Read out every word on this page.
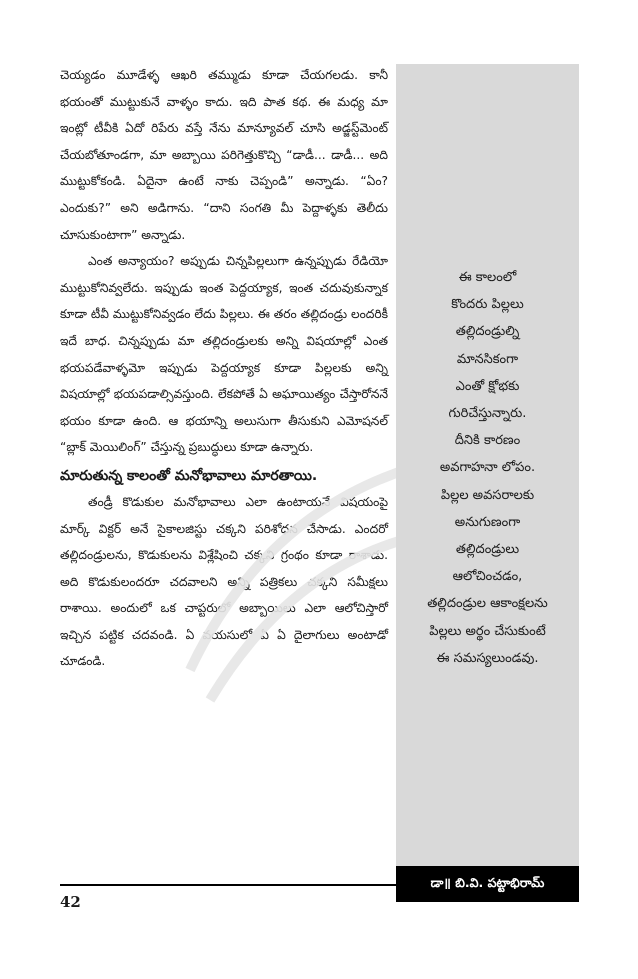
చెయ్యడం మూడేళ్ళ ఆఖరి తమ్ముడు కూడా చేయగలడు. కానీ భయంతో ముట్టుకునే వాళ్ళం కాదు. ఇది పాత కథ. ఈ మధ్య మా ఇంట్లో టీవీకి ఏదో రిపేరు వస్తే నేను మాన్యూవల్ చూసి అడ్జస్ట్‌మెంట్ చేయబోతూండగా, మా అబ్బాయి పరిగెత్తుకొచ్చి “డాడీ... డాడీ... అది ముట్టుకోకండి. ఏదైనా ఉంటే నాకు చెప్పండి” అన్నాడు. “ఏం? ఎందుకు?” అని అడిగాను. “దాని సంగతి మీ పెద్దాళ్ళకు తెలీదు చూసుకుంటాగా” అన్నాడు.

ఎంత అన్యాయం? అప్పుడు చిన్నపిల్లలుగా ఉన్నప్పుడు రేడియో ముట్టుకోనివ్వలేదు. ఇప్పుడు ఇంత పెద్దయ్యాక, ఇంత చదువుకున్నాక కూడా టీవీ ముట్టుకోనివ్వడం లేదు పిల్లలు. ఈ తరం తల్లిదండ్రు లందరికీ ఇదే బాధ. చిన్నప్పుడు మా తల్లిదండ్రులకు అన్ని విషయాల్లో ఎంత భయపడేవాళ్ళమో ఇప్పుడు పెద్దయ్యాక కూడా పిల్లలకు అన్ని విషయాల్లో భయపడాల్సివస్తుంది. లేకపోతే ఏ అఘాయిత్యం చేస్తారోననే భయం కూడా ఉంది. ఆ భయాన్ని అలుసుగా తీసుకుని ఎమోషనల్ “బ్లాక్ మెయిలింగ్” చేస్తున్న ప్రబుద్ధులు కూడా ఉన్నారు.

మారుతున్న కాలంతో మనోభావాలు మారతాయి.

తండ్రీ కొడుకుల మనోభావాలు ఎలా ఉంటాయనే విషయంపై మార్క్ విక్టర్ అనే సైకాలజిస్టు చక్కని పరిశోధన చేసాడు. ఎందరో తల్లిదండ్రులను, కొడుకులను విశ్లేషించి చక్కని గ్రంథం కూడా రాశాడు. అది కొడుకులందరూ చదవాలని అన్ని పత్రికలు చక్కని సమీక్షలు రాశాయి. అందులో ఒక చాప్టరులో అబ్బాయిలు ఎలా ఆలోచిస్తారో ఇచ్చిన పట్టిక చదవండి. ఏ వయసులో ఏ ఏ దైలాగులు అంటాడో చూడండి.

ఈ కాలంలో
కొందరు పిల్లలు
తల్లిదండ్రుల్ని
మానసికంగా
ఎంతో క్షోభకు
గురిచేస్తున్నారు.
దీనికి కారణం
అవగాహనా లోపం.
పిల్లల అవసరాలకు
అనుగుణంగా
తల్లిదండ్రులు
ఆలోచించడం,
తల్లిదండ్రుల ఆకాంక్షలను
పిల్లలు అర్థం చేసుకుంటే
ఈ సమస్యలుండవు.
డా॥ బి.వి. పట్టాభిరామ్
42
